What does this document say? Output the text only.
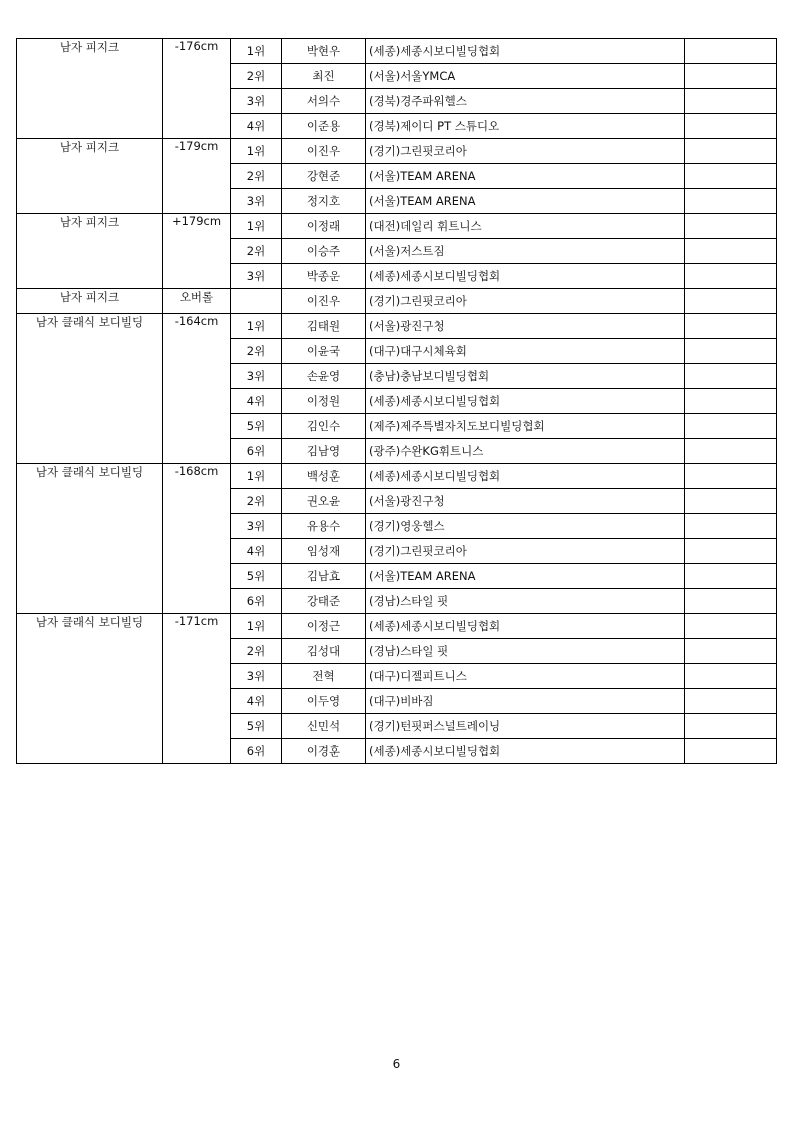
남자 피지크	-176cm	1위	박현우	(세종)세종시보디빌딩협회	
		2위	최진	(서울)서울YMCA	
		3위	서의수	(경북)경주파워헬스	
		4위	이준용	(경북)제이디 PT 스튜디오	
남자 피지크	-179cm	1위	이진우	(경기)그린핏코리아	
		2위	강현준	(서울)TEAM ARENA	
		3위	정지호	(서울)TEAM ARENA	
남자 피지크	+179cm	1위	이정래	(대전)데일리 휘트니스	
		2위	이승주	(서울)저스트짐	
		3위	박종운	(세종)세종시보디빌딩협회	
남자 피지크	오버롤		이진우	(경기)그린핏코리아	
남자 클래식 보디빌딩	-164cm	1위	김태원	(서울)광진구청	
		2위	이윤국	(대구)대구시체육회	
		3위	손윤영	(충남)충남보디빌딩협회	
		4위	이정원	(세종)세종시보디빌딩협회	
		5위	김인수	(제주)제주특별자치도보디빌딩협회	
		6위	김남영	(광주)수완KG휘트니스	
남자 클래식 보디빌딩	-168cm	1위	백성훈	(세종)세종시보디빌딩협회	
		2위	권오윤	(서울)광진구청	
		3위	유용수	(경기)영웅헬스	
		4위	임성재	(경기)그린핏코리아	
		5위	김남효	(서울)TEAM ARENA	
		6위	강태준	(경남)스타일 핏	
남자 클래식 보디빌딩	-171cm	1위	이정근	(세종)세종시보디빌딩협회	
		2위	김성대	(경남)스타일 핏	
		3위	전혁	(대구)디젤피트니스	
		4위	이두영	(대구)비바짐	
		5위	신민석	(경기)턴핏퍼스널트레이닝	
		6위	이경훈	(세종)세종시보디빌딩협회	
6
